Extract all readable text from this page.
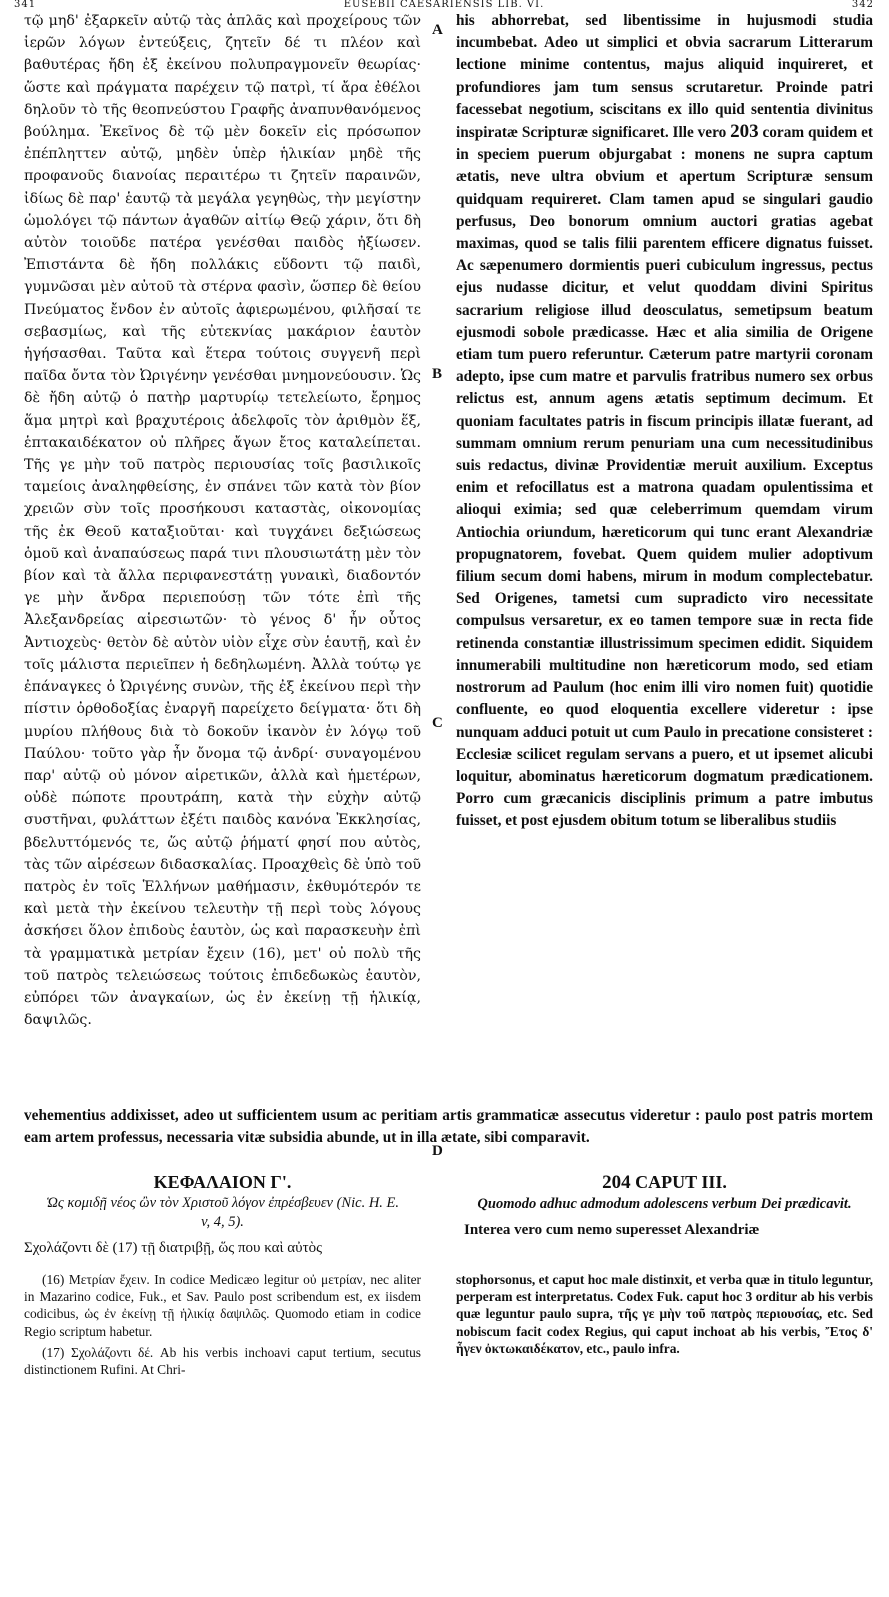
341	EUSEBII CAESARIENSIS LIB. VI.	342

τῷ μηδ' ἐξαρκεῖν αὐτῷ τὰς ἁπλᾶς καὶ προχείρους τῶν ἱερῶν λόγων ἐντεύξεις, ζητεῖν δέ τι πλέον καὶ βαθυτέρας ἤδη ἐξ ἐκείνου πολυπραγμονεῖν θεωρίας· ὥστε καὶ πράγματα παρέχειν τῷ πατρὶ, τί ἄρα ἐθέλοι δηλοῦν τὸ τῆς θεοπνεύστου Γραφῆς ἀναπυνθανόμενος βούλημα. Ἐκεῖνος δὲ τῷ μὲν δοκεῖν εἰς πρόσωπον ἐπέπληττεν αὐτῷ, μηδὲν ὑπὲρ ἡλικίαν μηδὲ τῆς προφανοῦς διανοίας περαιτέρω τι ζητεῖν παραινῶν, ἰδίως δὲ παρ' ἑαυτῷ τὰ μεγάλα γεγηθὼς, τὴν μεγίστην ὡμολόγει τῷ πάντων ἀγαθῶν αἰτίῳ Θεῷ χάριν, ὅτι δὴ αὐτὸν τοιοῦδε πατέρα γενέσθαι παιδὸς ἠξίωσεν. Ἐπιστάντα δὲ ἤδη πολλάκις εὕδοντι τῷ παιδὶ, γυμνῶσαι μὲν αὐτοῦ τὰ στέρνα φασὶν, ὥσπερ δὲ θείου Πνεύματος ἔνδον ἐν αὐτοῖς ἀφιερωμένου, φιλῆσαί τε σεβασμίως, καὶ τῆς εὐτεκνίας μακάριον ἑαυτὸν ἡγήσασθαι. Ταῦτα καὶ ἕτερα τούτοις συγγενῆ περὶ παῖδα ὄντα τὸν Ὠριγένην γενέσθαι μνημονεύουσιν. Ὡς δὲ ἤδη αὐτῷ ὁ πατὴρ μαρτυρίῳ τετελείωτο, ἔρημος ἅμα μητρὶ καὶ βραχυτέροις ἀδελφοῖς τὸν ἀριθμὸν ἕξ, ἑπτακαιδέκατον οὐ πλῆρες ἄγων ἔτος καταλείπεται. Τῆς γε μὴν τοῦ πατρὸς περιουσίας τοῖς βασιλικοῖς ταμείοις ἀναληφθείσης, ἐν σπάνει τῶν κατὰ τὸν βίον χρειῶν σὺν τοῖς προσήκουσι καταστὰς, οἰκονομίας τῆς ἐκ Θεοῦ καταξιοῦται· καὶ τυγχάνει δεξιώσεως ὁμοῦ καὶ ἀναπαύσεως παρά τινι πλουσιωτάτῃ μὲν τὸν βίον καὶ τὰ ἄλλα περιφανεστάτῃ γυναικὶ, διαδοντόν γε μὴν ἄνδρα περιεπούσῃ τῶν τότε ἐπὶ τῆς Ἀλεξανδρείας αἱρεσιωτῶν· τὸ γένος δ' ἦν οὗτος Ἀντιοχεὺς· θετὸν δὲ αὐτὸν υἱὸν εἶχε σὺν ἑαυτῇ, καὶ ἐν τοῖς μάλιστα περιεῖπεν ἡ δεδηλωμένη. Ἀλλὰ τούτῳ γε ἐπάναγκες ὁ Ὠριγένης συνὼν, τῆς ἐξ ἐκείνου περὶ τὴν πίστιν ὀρθοδοξίας ἐναργῆ παρείχετο δείγματα· ὅτι δὴ μυρίου πλήθους διὰ τὸ δοκοῦν ἱκανὸν ἐν λόγῳ τοῦ Παύλου· τοῦτο γὰρ ἦν ὄνομα τῷ ἀνδρί· συναγομένου παρ' αὐτῷ οὐ μόνον αἱρετικῶν, ἀλλὰ καὶ ἡμετέρων, οὐδὲ πώποτε προυτράπη, κατὰ τὴν εὐχὴν αὐτῷ συστῆναι, φυλάττων ἐξέτι παιδὸς κανόνα Ἐκκλησίας, βδελυττόμενός τε, ὥς αὐτῷ ῥήματί φησί που αὐτὸς, τὰς τῶν αἱρέσεων διδασκαλίας. Προαχθεὶς δὲ ὑπὸ τοῦ πατρὸς ἐν τοῖς Ἑλλήνων μαθήμασιν, ἐκθυμότερόν τε καὶ μετὰ τὴν ἐκείνου τελευτὴν τῇ περὶ τοὺς λόγους ἀσκήσει ὅλον ἐπιδοὺς ἑαυτὸν, ὡς καὶ παρασκευὴν ἐπὶ τὰ γραμματικὰ μετρίαν ἔχειν (16), μετ' οὐ πολὺ τῆς τοῦ πατρὸς τελειώσεως τούτοις ἐπιδεδωκὼς ἑαυτὸν, εὐπόρει τῶν ἀναγκαίων, ὡς ἐν ἐκείνῃ τῇ ἡλικίᾳ, δαψιλῶς.

his abhorrebat, sed libentissime in hujusmodi studia incumbebat. Adeo ut simplici et obvia sacrarum Litterarum lectione minime contentus, majus aliquid inquireret, et profundiores jam tum sensus scrutaretur. Proinde patri facessebat negotium, sciscitans ex illo quid sententia divinitus inspiratæ Scripturæ significaret. Ille vero 203 coram quidem et in speciem puerum objurgabat : monens ne supra captum ætatis, neve ultra obvium et apertum Scripturæ sensum quidquam requireret. Clam tamen apud se singulari gaudio perfusus, Deo bonorum omnium auctori gratias agebat maximas, quod se talis filii parentem efficere dignatus fuisset. Ac sæpenumero dormientis pueri cubiculum ingressus, pectus ejus nudasse dicitur, et velut quoddam divini Spiritus sacrarium religiose illud deosculatus, semetipsum beatum ejusmodi sobole prædicasse. Hæc et alia similia de Origene etiam tum puero referuntur. Cæterum patre martyrii coronam adepto, ipse cum matre et parvulis fratribus numero sex orbus relictus est, annum agens ætatis septimum decimum. Et quoniam facultates patris in fiscum principis illatæ fuerant, ad summam omnium rerum penuriam una cum necessitudinibus suis redactus, divinæ Providentiæ meruit auxilium. Exceptus enim et refocillatus est a matrona quadam opulentissima et alioqui eximia; sed quæ celeberrimum quemdam virum Antiochia oriundum, hæreticorum qui tunc erant Alexandriæ propugnatorem, fovebat. Quem quidem mulier adoptivum filium secum domi habens, mirum in modum complectebatur. Sed Origenes, tametsi cum supradicto viro necessitate compulsus versaretur, ex eo tamen tempore suæ in recta fide retinenda constantiæ illustrissimum specimen edidit. Siquidem innumerabili multitudine non hæreticorum modo, sed etiam nostrorum ad Paulum (hoc enim illi viro nomen fuit) quotidie confluente, eo quod eloquentia excellere videretur : ipse nunquam adduci potuit ut cum Paulo in precatione consisteret : Ecclesiæ scilicet regulam servans a puero, et ut ipsemet alicubi loquitur, abominatus hæreticorum dogmatum prædicationem. Porro cum græcanicis disciplinis primum a patre imbutus fuisset, et post ejusdem obitum totum se liberalibus studiis

A
B
C
D
vehementius addixisset, adeo ut sufficientem usum ac peritiam artis grammaticæ assecutus videretur : paulo post patris mortem eam artem professus, necessaria vitæ subsidia abunde, ut in illa ætate, sibi comparavit.
ΚΕΦΑΛΑΙΟΝ Γ'.
Ὡς κομιδῇ νέος ὢν τὸν Χριστοῦ λόγον ἐπρέσβευεν (Nic. H. E. v, 4, 5).
Σχολάζοντι δὲ (17) τῇ διατριβῇ, ὥς που καὶ αὐτὸς
204 CAPUT III.
Quomodo adhuc admodum adolescens verbum Dei prædicavit.
Interea vero cum nemo superesset Alexandriæ

(16) Μετρίαν ἔχειν. In codice Medicæo legitur οὐ μετρίαν, nec aliter in Mazarino codice, Fuk., et Sav. Paulo post scribendum est, ex iisdem codicibus, ὡς ἐν ἐκείνῃ τῇ ἡλικίᾳ δαψιλῶς. Quomodo etiam in codice Regio scriptum habetur.

(17) Σχολάζοντι δέ. Ab his verbis inchoavi caput tertium, secutus distinctionem Rufini. At Chri-

stophorsonus, et caput hoc male distinxit, et verba quæ in titulo leguntur, perperam est interpretatus. Codex Fuk. caput hoc 3 orditur ab his verbis quæ leguntur paulo supra, τῆς γε μὴν τοῦ πατρὸς περιουσίας, etc. Sed nobiscum facit codex Regius, qui caput inchoat ab his verbis, Ἔτος δ' ἦγεν ὀκτωκαιδέκατον, etc., paulo infra.
